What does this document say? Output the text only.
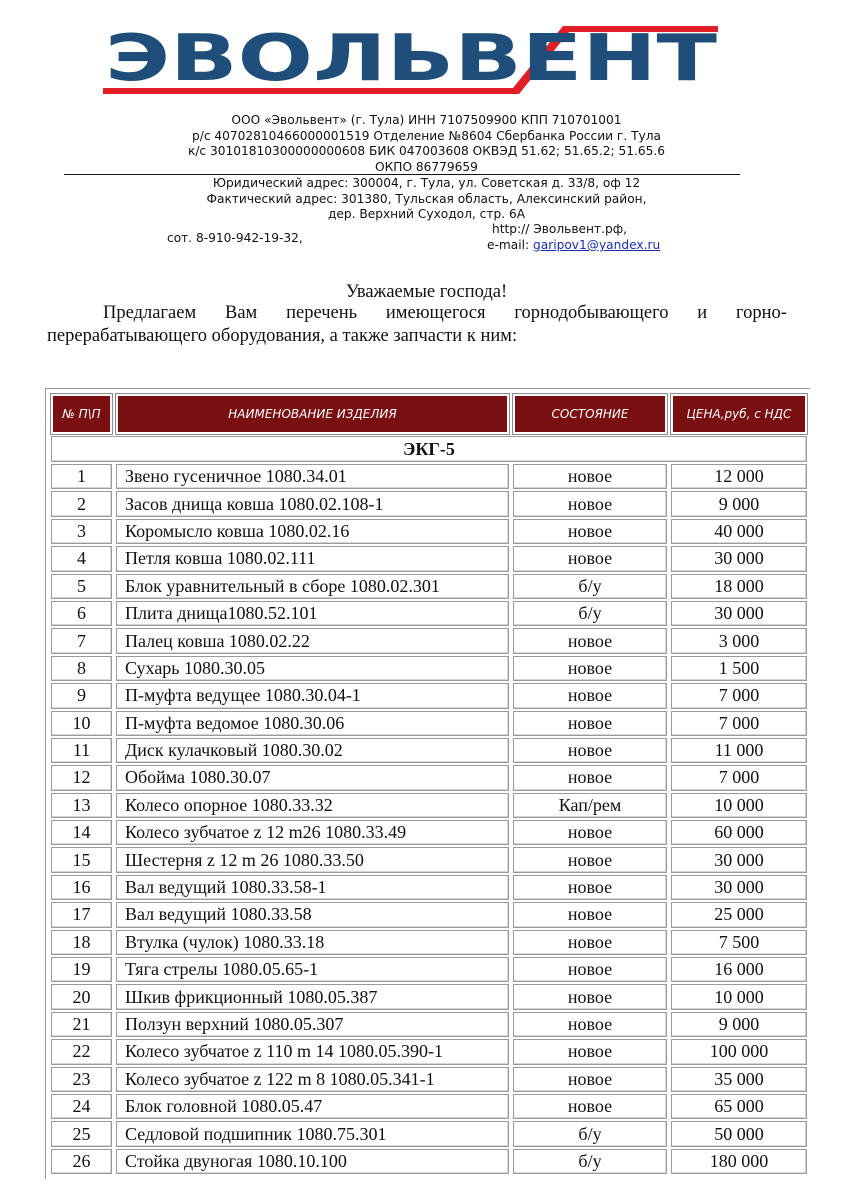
ЭВОЛЬВЕНТ
ООО «Эвольвент» (г. Тула) ИНН 7107509900 КПП 710701001
р/с 40702810466000001519 Отделение №8604 Сбербанка России г. Тула
к/с 30101810300000000608 БИК 047003608 ОКВЭД 51.62; 51.65.2; 51.65.6
ОКПО 86779659
Юридический адрес: 300004, г. Тула, ул. Советская д. 33/8, оф 12
Фактический адрес: 301380, Тульская область, Алексинский район,
дер. Верхний Суходол, стр. 6А
сот. 8-910-942-19-32,
http:// Эвольвент.рф,
e-mail: garipov1@yandex.ru
Уважаемые господа!
Предлагаем Вам перечень имеющегося горнодобывающего и горно-
перерабатывающего оборудования, а также запчасти к ним:
№ П\П	НАИМЕНОВАНИЕ ИЗДЕЛИЯ	СОСТОЯНИЕ	ЦЕНА,руб, с НДС
ЭКГ-5			
1	Звено гусеничное 1080.34.01	новое	12 000
2	Засов днища ковша 1080.02.108-1	новое	9 000
3	Коромысло ковша 1080.02.16	новое	40 000
4	Петля ковша 1080.02.111	новое	30 000
5	Блок уравнительный в сборе 1080.02.301	б/у	18 000
6	Плита днища1080.52.101	б/у	30 000
7	Палец ковша 1080.02.22	новое	3 000
8	Сухарь 1080.30.05	новое	1 500
9	П-муфта ведущее 1080.30.04-1	новое	7 000
10	П-муфта ведомое 1080.30.06	новое	7 000
11	Диск кулачковый 1080.30.02	новое	11 000
12	Обойма 1080.30.07	новое	7 000
13	Колесо опорное 1080.33.32	Кап/рем	10 000
14	Колесо зубчатое z 12 m26 1080.33.49	новое	60 000
15	Шестерня z 12 m 26 1080.33.50	новое	30 000
16	Вал ведущий 1080.33.58-1	новое	30 000
17	Вал ведущий 1080.33.58	новое	25 000
18	Втулка (чулок) 1080.33.18	новое	7 500
19	Тяга стрелы 1080.05.65-1	новое	16 000
20	Шкив фрикционный 1080.05.387	новое	10 000
21	Ползун верхний 1080.05.307	новое	9 000
22	Колесо зубчатое z 110 m 14 1080.05.390-1	новое	100 000
23	Колесо зубчатое z 122 m 8 1080.05.341-1	новое	35 000
24	Блок головной 1080.05.47	новое	65 000
25	Седловой подшипник 1080.75.301	б/у	50 000
26	Стойка двуногая 1080.10.100	б/у	180 000
